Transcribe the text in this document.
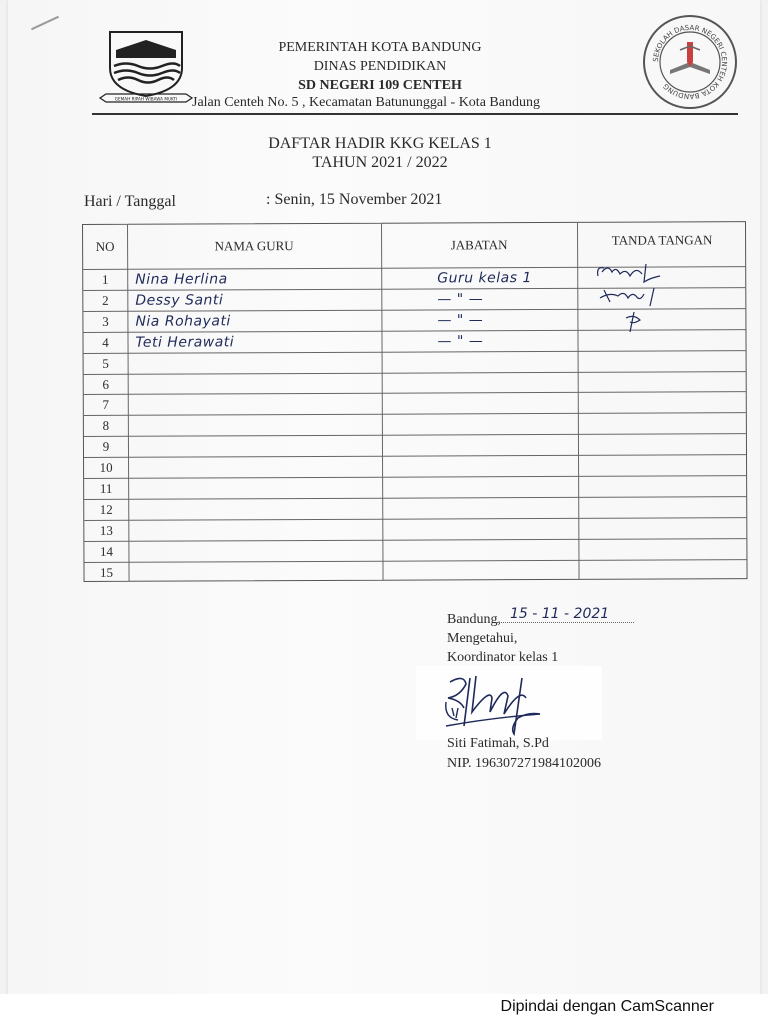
Dipindai dengan CamScanner
GEMAH RIPAH WIBAWA MUKTI
PEMERINTAH KOTA BANDUNG
DINAS PENDIDIKAN
SD NEGERI 109 CENTEH
Jalan Centeh No. 5 , Kecamatan Batununggal - Kota Bandung
SEKOLAH DASAR NEGERI CENTEH KOTA BANDUNG
DAFTAR HADIR KKG KELAS 1
TAHUN 2021 / 2022
Hari / Tanggal	: Senin, 15 November 2021
NO	NAMA GURU	JABATAN	TANDA TANGAN
1	Nina Herlina	Guru kelas 1
2	Dessy Santi	— " —
3	Nia Rohayati	— " —
4	Teti Herawati	— " —
5
6
7
8
9
10
11
12
13
14
15
Bandung,
Mengetahui,
Koordinator kelas 1
15 - 11 - 2021
Siti Fatimah, S.Pd
NIP. 196307271984102006
